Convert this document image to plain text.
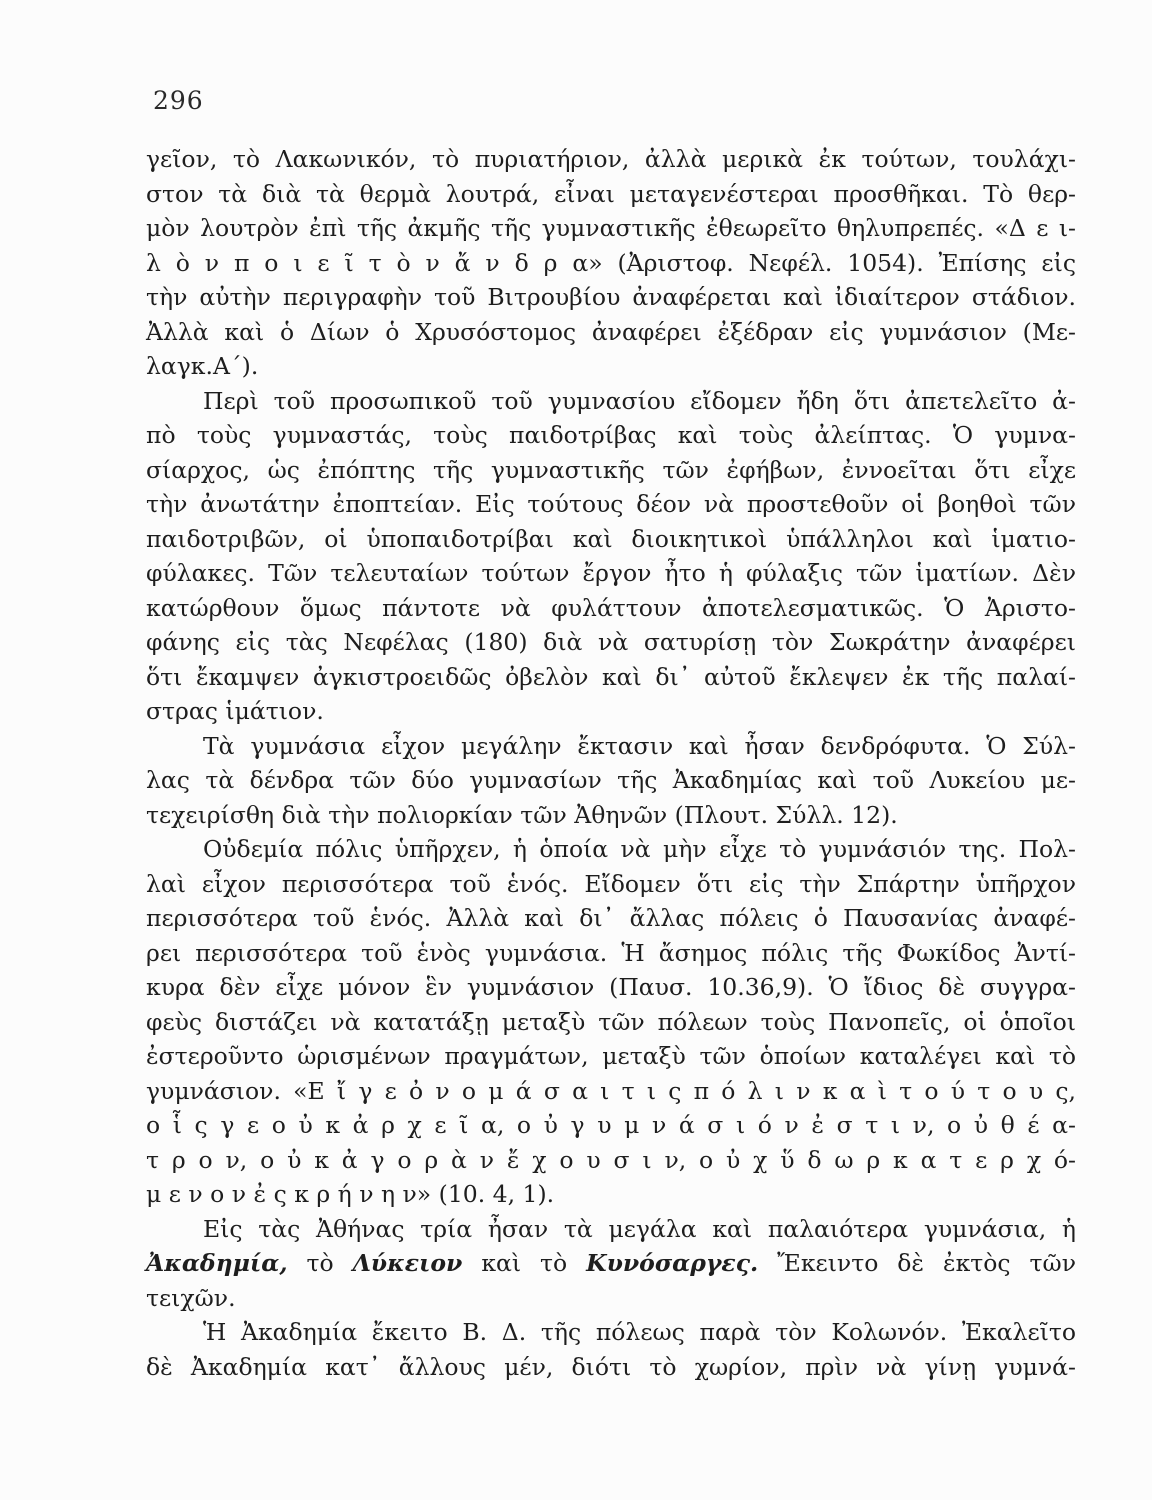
296
γεῖον, τὸ Λακωνικόν, τὸ πυριατήριον, ἀλλὰ μερικὰ ἐκ τούτων, τουλάχι-
στον τὰ διὰ τὰ θερμὰ λουτρά, εἶναι μεταγενέστεραι προσθῆκαι. Τὸ θερ-
μὸν λουτρὸν ἐπὶ τῆς ἀκμῆς τῆς γυμναστικῆς ἐθεωρεῖτο θηλυπρεπές. «Δ ε ι-
λ ὸ ν π ο ι ε ῖ τ ὸ ν ἄ ν δ ρ α» (Ἀριστοφ. Νεφέλ. 1054). Ἐπίσης εἰς
τὴν αὐτὴν περιγραφὴν τοῦ Βιτρουβίου ἀναφέρεται καὶ ἰδιαίτερον στάδιον.
Ἀλλὰ καὶ ὁ Δίων ὁ Χρυσόστομος ἀναφέρει ἐξέδραν εἰς γυμνάσιον (Με-
λαγκ.Α΄).
Περὶ τοῦ προσωπικοῦ τοῦ γυμνασίου εἴδομεν ἤδη ὅτι ἀπετελεῖτο ἀ-
πὸ τοὺς γυμναστάς, τοὺς παιδοτρίβας καὶ τοὺς ἀλείπτας. Ὁ γυμνα-
σίαρχος, ὡς ἐπόπτης τῆς γυμναστικῆς τῶν ἐφήβων, ἐννοεῖται ὅτι εἶχε
τὴν ἀνωτάτην ἐποπτείαν. Εἰς τούτους δέον νὰ προστεθοῦν οἱ βοηθοὶ τῶν
παιδοτριβῶν, οἱ ὑποπαιδοτρίβαι καὶ διοικητικοὶ ὑπάλληλοι καὶ ἱματιο-
φύλακες. Τῶν τελευταίων τούτων ἔργον ἦτο ἡ φύλαξις τῶν ἱματίων. Δὲν
κατώρθουν ὅμως πάντοτε νὰ φυλάττουν ἀποτελεσματικῶς. Ὁ Ἀριστο-
φάνης εἰς τὰς Νεφέλας (180) διὰ νὰ σατυρίσῃ τὸν Σωκράτην ἀναφέρει
ὅτι ἔκαμψεν ἀγκιστροειδῶς ὀβελὸν καὶ δι᾽ αὐτοῦ ἔκλεψεν ἐκ τῆς παλαί-
στρας ἱμάτιον.
Τὰ γυμνάσια εἶχον μεγάλην ἔκτασιν καὶ ἦσαν δενδρόφυτα. Ὁ Σύλ-
λας τὰ δένδρα τῶν δύο γυμνασίων τῆς Ἀκαδημίας καὶ τοῦ Λυκείου με-
τεχειρίσθη διὰ τὴν πολιορκίαν τῶν Ἀθηνῶν (Πλουτ. Σύλλ. 12).
Οὐδεμία πόλις ὑπῆρχεν, ἡ ὁποία νὰ μὴν εἶχε τὸ γυμνάσιόν της. Πολ-
λαὶ εἶχον περισσότερα τοῦ ἑνός. Εἴδομεν ὅτι εἰς τὴν Σπάρτην ὑπῆρχον
περισσότερα τοῦ ἑνός. Ἀλλὰ καὶ δι᾽ ἄλλας πόλεις ὁ Παυσανίας ἀναφέ-
ρει περισσότερα τοῦ ἑνὸς γυμνάσια. Ἡ ἄσημος πόλις τῆς Φωκίδος Ἀντί-
κυρα δὲν εἶχε μόνον ἓν γυμνάσιον (Παυσ. 10.36,9). Ὁ ἴδιος δὲ συγγρα-
φεὺς διστάζει νὰ κατατάξῃ μεταξὺ τῶν πόλεων τοὺς Πανοπεῖς, οἱ ὁποῖοι
ἐστεροῦντο ὡρισμένων πραγμάτων, μεταξὺ τῶν ὁποίων καταλέγει καὶ τὸ
γυμνάσιον. «Ε ἴ γ ε ὀ ν ο μ ά σ α ι τ ι ς π ό λ ι ν κ α ὶ τ ο ύ τ ο υ ς,
ο ἷ ς γ ε ο ὐ κ ἀ ρ χ ε ῖ α, ο ὐ γ υ μ ν ά σ ι ό ν ἐ σ τ ι ν, ο ὐ θ έ α-
τ ρ ο ν, ο ὐ κ ἀ γ ο ρ ὰ ν ἔ χ ο υ σ ι ν, ο ὐ χ ὕ δ ω ρ κ α τ ε ρ χ ό-
μ ε ν ο ν ἐ ς κ ρ ή ν η ν» (10. 4, 1).
Εἰς τὰς Ἀθήνας τρία ἦσαν τὰ μεγάλα καὶ παλαιότερα γυμνάσια, ἡ
Ἀκαδημία, τὸ Λύκειον καὶ τὸ Κυνόσαργες. Ἔκειντο δὲ ἐκτὸς τῶν
τειχῶν.
Ἡ Ἀκαδημία ἔκειτο Β. Δ. τῆς πόλεως παρὰ τὸν Κολωνόν. Ἐκαλεῖτο
δὲ Ἀκαδημία κατ᾽ ἄλλους μέν, διότι τὸ χωρίον, πρὶν νὰ γίνῃ γυμνά-
